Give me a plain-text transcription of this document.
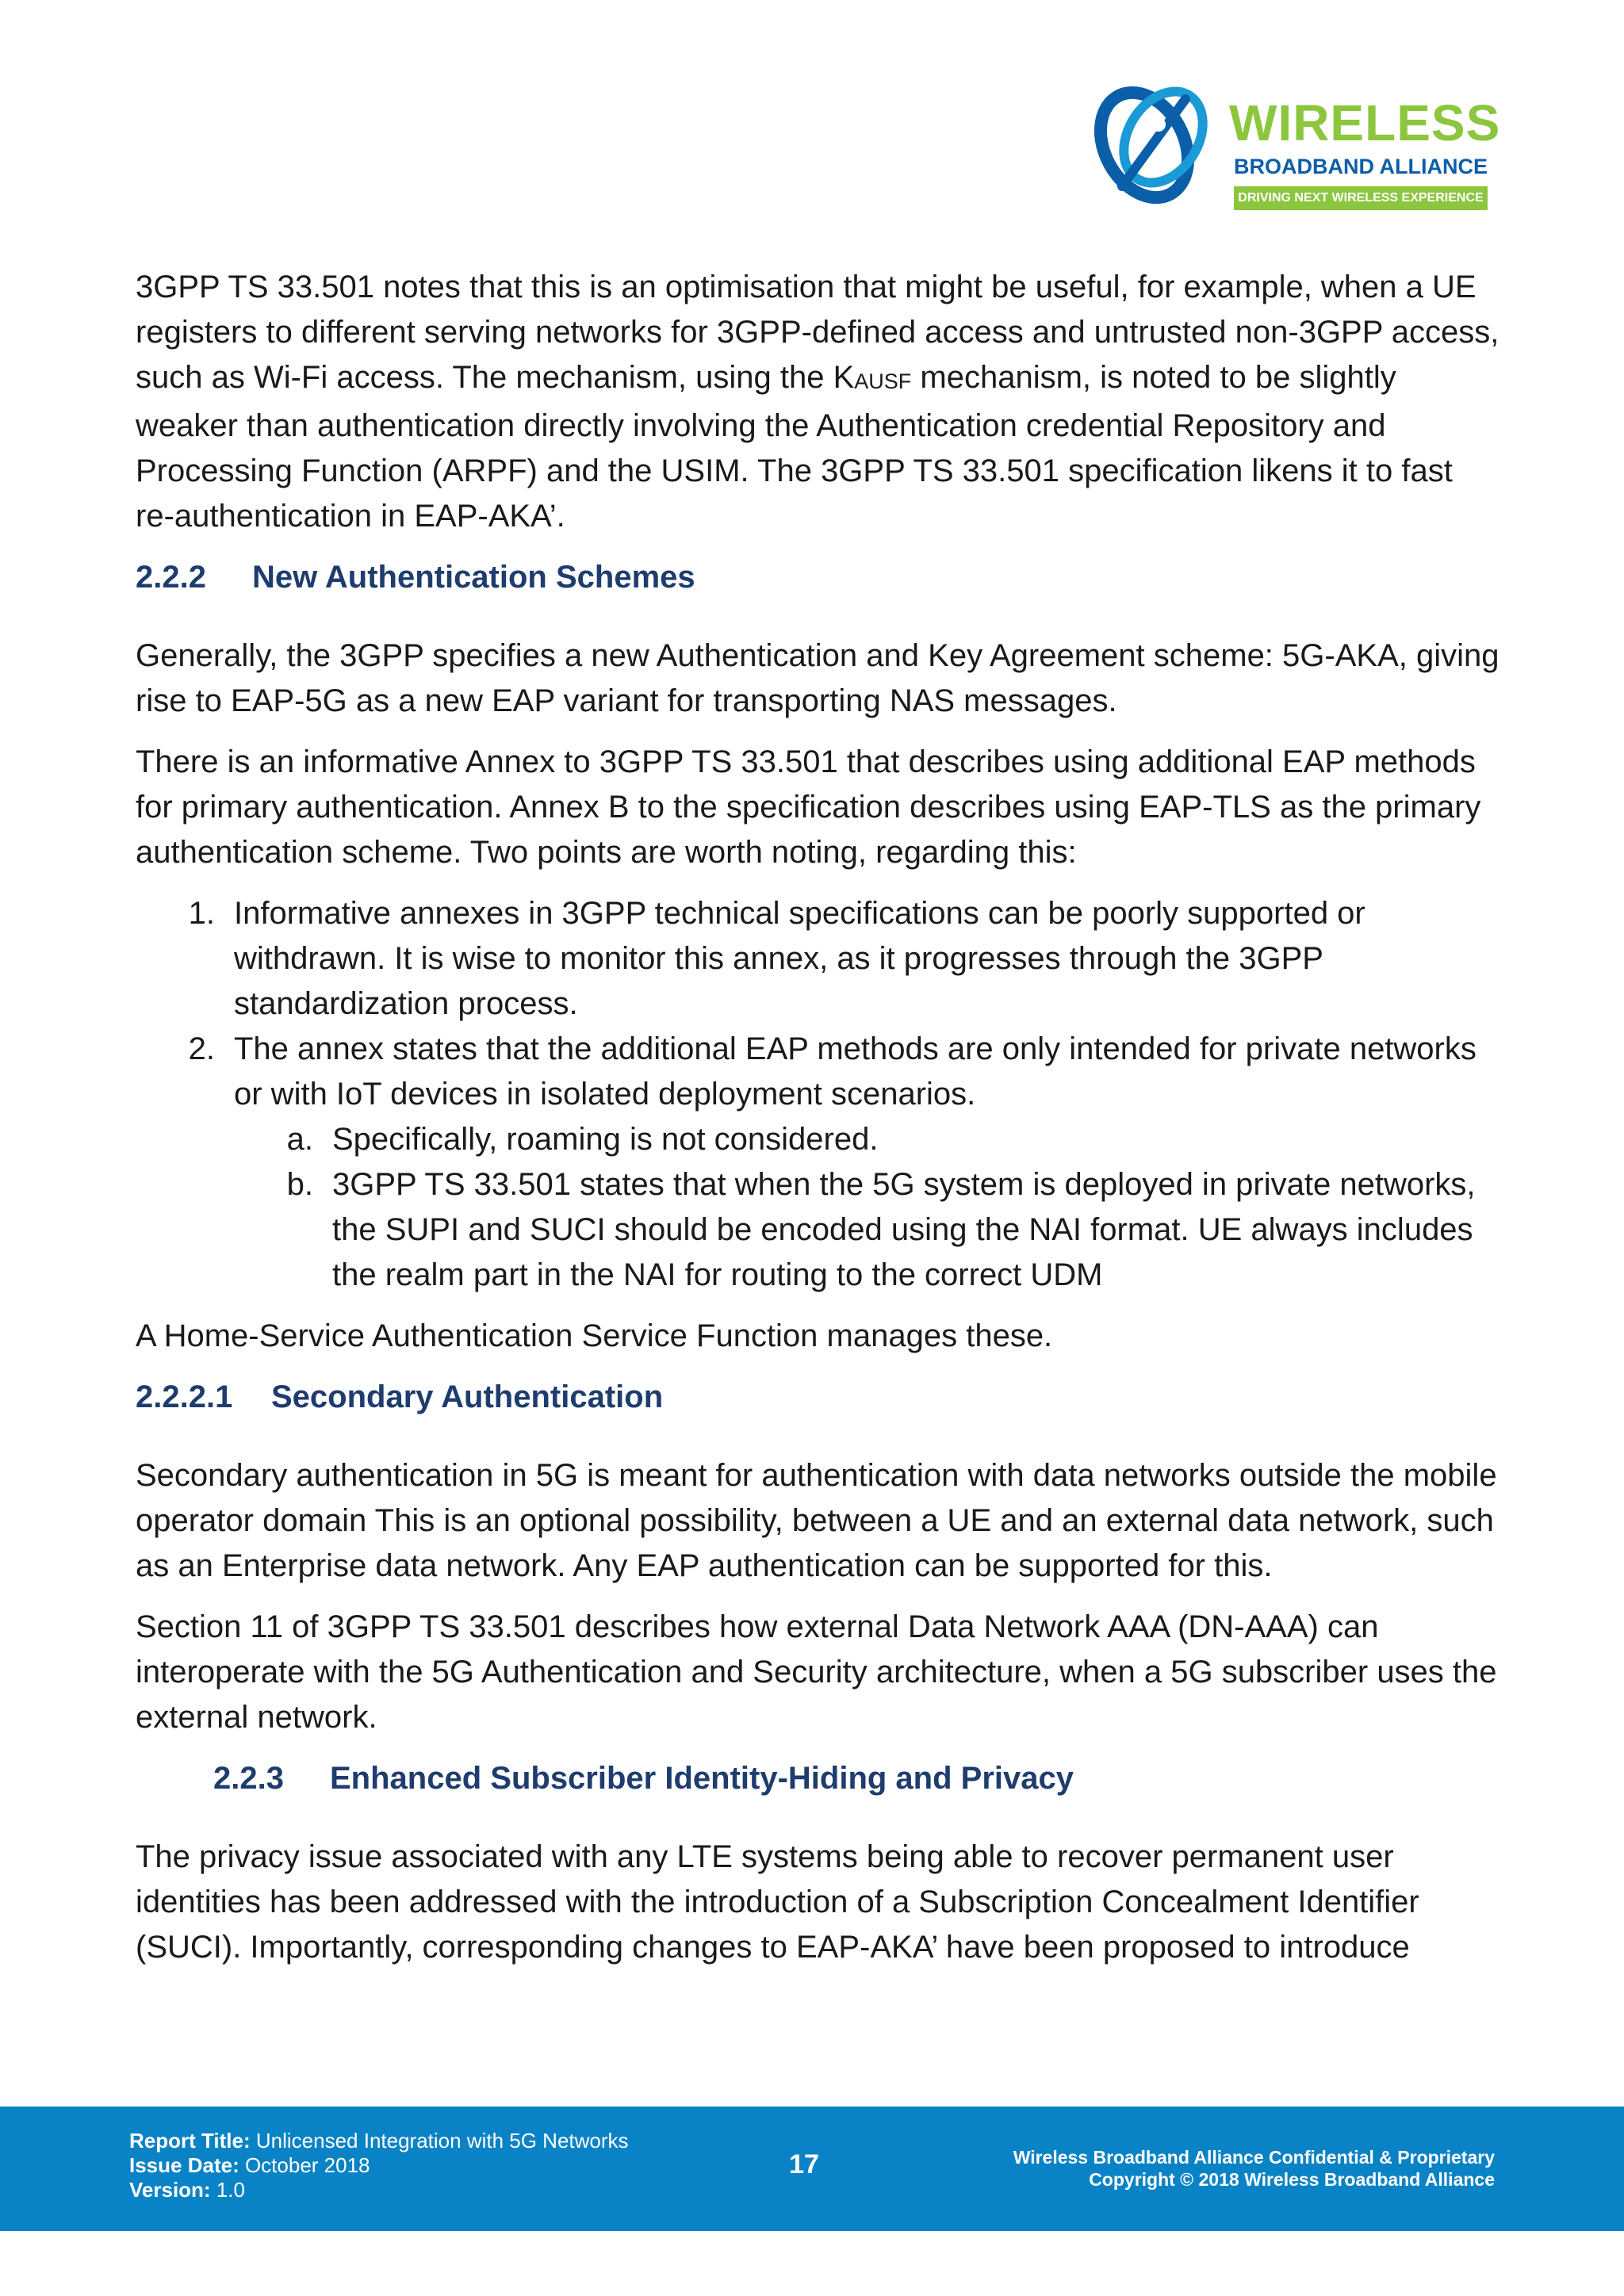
WIRELESS
BROADBAND ALLIANCE
DRIVING NEXT WIRELESS EXPERIENCE

3GPP TS 33.501 notes that this is an optimisation that might be useful, for example, when a UE registers to different serving networks for 3GPP-defined access and untrusted non-3GPP access, such as Wi-Fi access. The mechanism, using the $K_{AUSF}$ mechanism, is noted to be slightly weaker than authentication directly involving the Authentication credential Repository and Processing Function (ARPF) and the USIM. The 3GPP TS 33.501 specification likens it to fast re-authentication in EAP-AKA’.

2.2.2 New Authentication Schemes

Generally, the 3GPP specifies a new Authentication and Key Agreement scheme: 5G-AKA, giving rise to EAP-5G as a new EAP variant for transporting NAS messages.

There is an informative Annex to 3GPP TS 33.501 that describes using additional EAP methods for primary authentication. Annex B to the specification describes using EAP-TLS as the primary authentication scheme. Two points are worth noting, regarding this:

1. Informative annexes in 3GPP technical specifications can be poorly supported or withdrawn. It is wise to monitor this annex, as it progresses through the 3GPP standardization process.
2. The annex states that the additional EAP methods are only intended for private networks or with IoT devices in isolated deployment scenarios.
a. Specifically, roaming is not considered.
b. 3GPP TS 33.501 states that when the 5G system is deployed in private networks, the SUPI and SUCI should be encoded using the NAI format. UE always includes the realm part in the NAI for routing to the correct UDM

A Home-Service Authentication Service Function manages these.

2.2.2.1 Secondary Authentication

Secondary authentication in 5G is meant for authentication with data networks outside the mobile operator domain This is an optional possibility, between a UE and an external data network, such as an Enterprise data network. Any EAP authentication can be supported for this.

Section 11 of 3GPP TS 33.501 describes how external Data Network AAA (DN-AAA) can interoperate with the 5G Authentication and Security architecture, when a 5G subscriber uses the external network.

2.2.3 Enhanced Subscriber Identity-Hiding and Privacy

The privacy issue associated with any LTE systems being able to recover permanent user identities has been addressed with the introduction of a Subscription Concealment Identifier (SUCI). Importantly, corresponding changes to EAP-AKA’ have been proposed to introduce

Report Title: Unlicensed Integration with 5G Networks
Issue Date: October 2018
Version: 1.0
17	Wireless Broadband Alliance Confidential & Proprietary
Copyright © 2018 Wireless Broadband Alliance
